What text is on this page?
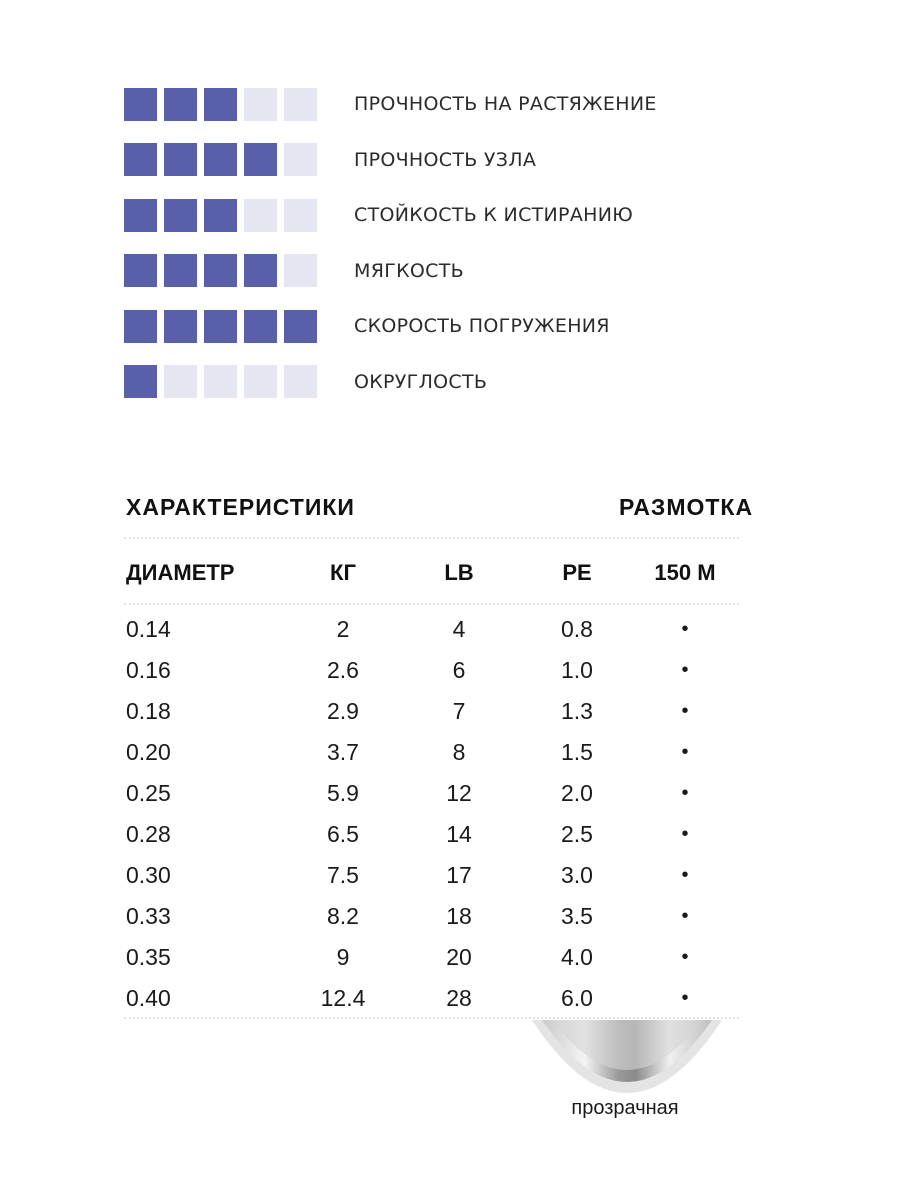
ПРОЧНОСТЬ НА РАСТЯЖЕНИЕ
ПРОЧНОСТЬ УЗЛА
СТОЙКОСТЬ К ИСТИРАНИЮ
МЯГКОСТЬ
СКОРОСТЬ ПОГРУЖЕНИЯ
ОКРУГЛОСТЬ
ХАРАКТЕРИСТИКИ	РАЗМОТКА
ДИАМЕТР	КГ	LB	PE	150 М
0.14	2	4	0.8	•
0.16	2.6	6	1.0	•
0.18	2.9	7	1.3	•
0.20	3.7	8	1.5	•
0.25	5.9	12	2.0	•
0.28	6.5	14	2.5	•
0.30	7.5	17	3.0	•
0.33	8.2	18	3.5	•
0.35	9	20	4.0	•
0.40	12.4	28	6.0	•
прозрачная
